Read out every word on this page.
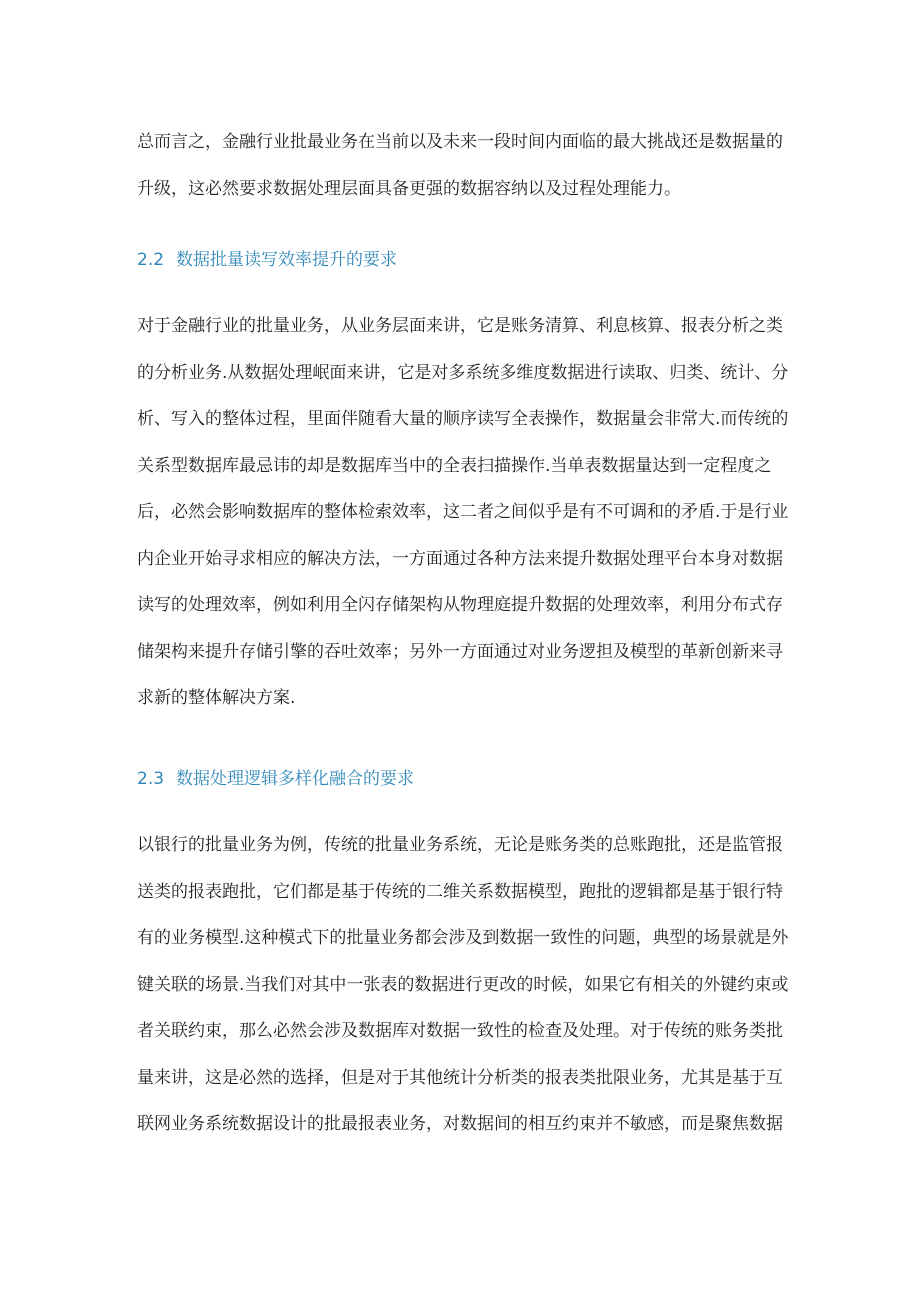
总而言之，金融行业批最业务在当前以及未来一段时间内面临的最大挑战还是数据量的
升级，这必然要求数据处理层面具备更强的数据容纳以及过程处理能力。

2.2 数据批量读写效率提升的要求

对于金融行业的批量业务，从业务层面来讲，它是账务清算、利息核算、报表分析之类
的分析业务.从数据处理岷面来讲，它是对多系统多维度数据进行读取、归类、统计、分
析、写入的整体过程，里面伴随看大量的顺序读写全表操作，数据量会非常大.而传统的
关系型数据库最忌讳的却是数据库当中的全表扫描操作.当单表数据量达到一定程度之
后，必然会影响数据库的整体检索效率，这二者之间似乎是有不可调和的矛盾.于是行业
内企业开始寻求相应的解决方法，一方面通过各种方法来提升数据处理平台本身对数据
读写的处理效率，例如利用全闪存储架构从物理庭提升数据的处理效率，利用分布式存
储架构来提升存储引擎的吞吐效率；另外一方面通过对业务逻担及模型的革新创新来寻
求新的整体解决方案.

2.3 数据处理逻辑多样化融合的要求

以银行的批量业务为例，传统的批量业务系统，无论是账务类的总账跑批，还是监管报
送类的报表跑批，它们都是基于传统的二维关系数据模型，跑批的逻辑都是基于银行特
有的业务模型.这种模式下的批量业务都会涉及到数据一致性的问题，典型的场景就是外
键关联的场景.当我们对其中一张表的数据进行更改的时候，如果它有相关的外键约束或
者关联约束，那么必然会涉及数据库对数据一致性的检查及处理。对于传统的账务类批
量来讲，这是必然的选择，但是对于其他统计分析类的报表类批限业务，尤其是基于互
联网业务系统数据设计的批最报表业务，对数据间的相互约束并不敏感，而是聚焦数据
